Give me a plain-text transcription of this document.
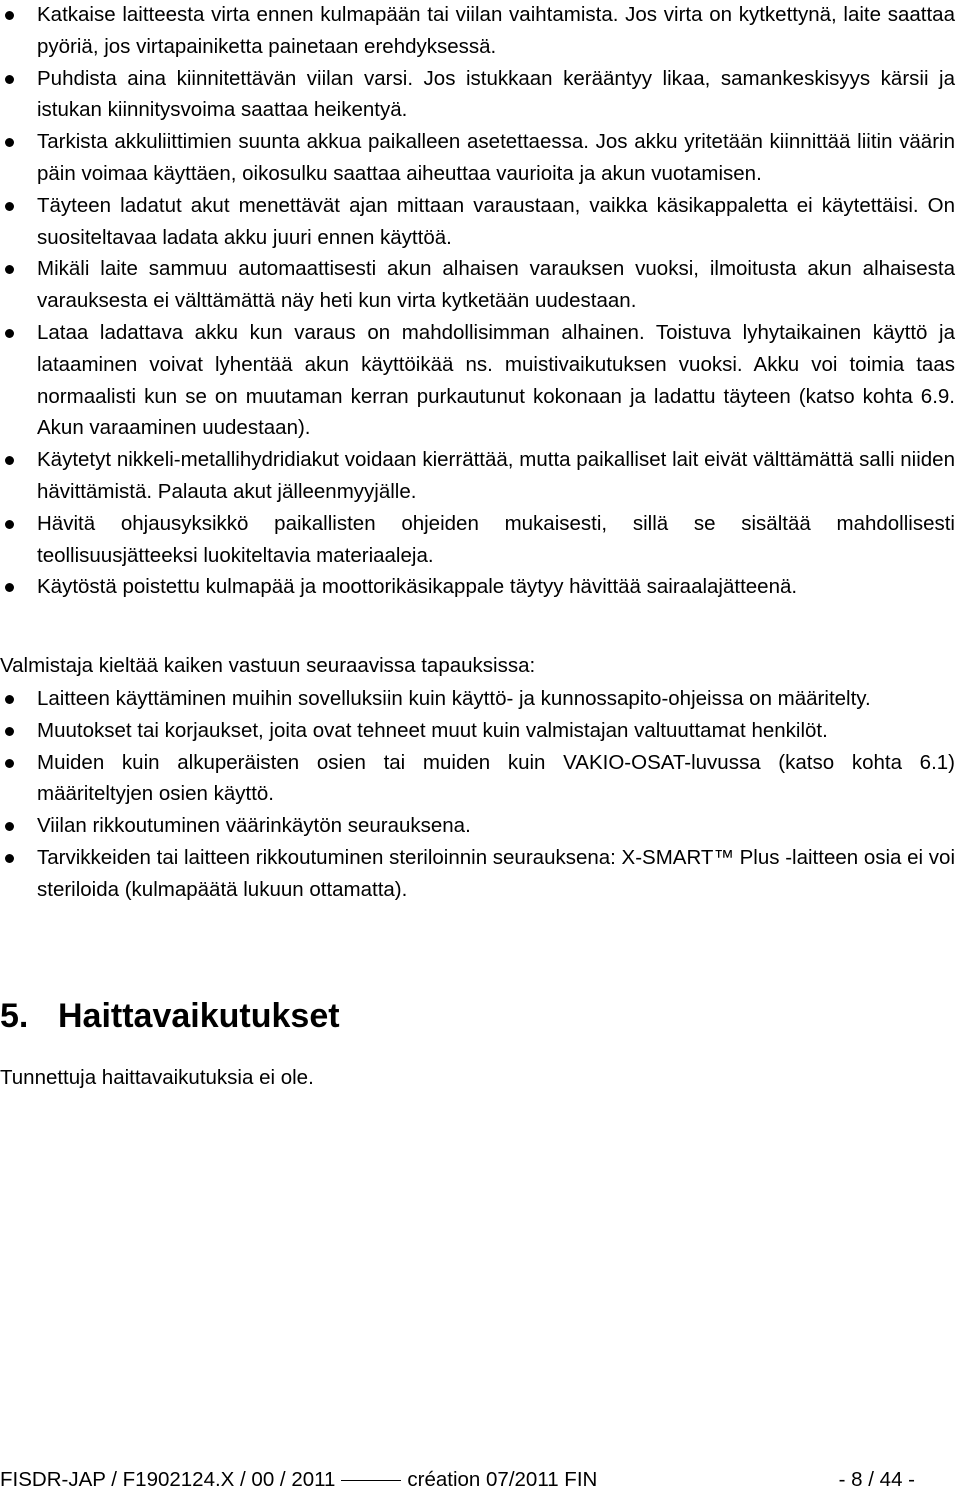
Katkaise laitteesta virta ennen kulmapään tai viilan vaihtamista. Jos virta on kytkettynä, laite saattaa pyöriä, jos virtapainiketta painetaan erehdyksessä.
Puhdista aina kiinnitettävän viilan varsi. Jos istukkaan kerääntyy likaa, samankeskisyys kärsii ja istukan kiinnitysvoima saattaa heikentyä.
Tarkista akkuliittimien suunta akkua paikalleen asetettaessa. Jos akku yritetään kiinnittää liitin väärin päin voimaa käyttäen, oikosulku saattaa aiheuttaa vaurioita ja akun vuotamisen.
Täyteen ladatut akut menettävät ajan mittaan varaustaan, vaikka käsikappaletta ei käytettäisi. On suositeltavaa ladata akku juuri ennen käyttöä.
Mikäli laite sammuu automaattisesti akun alhaisen varauksen vuoksi, ilmoitusta akun alhaisesta varauksesta ei välttämättä näy heti kun virta kytketään uudestaan.
Lataa ladattava akku kun varaus on mahdollisimman alhainen. Toistuva lyhytaikainen käyttö ja lataaminen voivat lyhentää akun käyttöikää ns. muistivaikutuksen vuoksi. Akku voi toimia taas normaalisti kun se on muutaman kerran purkautunut kokonaan ja ladattu täyteen (katso kohta 6.9. Akun varaaminen uudestaan).
Käytetyt nikkeli-metallihydridiakut voidaan kierrättää, mutta paikalliset lait eivät välttämättä salli niiden hävittämistä. Palauta akut jälleenmyyjälle.
Hävitä ohjausyksikkö paikallisten ohjeiden mukaisesti, sillä se sisältää mahdollisesti teollisuusjätteeksi luokiteltavia materiaaleja.
Käytöstä poistettu kulmapää ja moottorikäsikappale täytyy hävittää sairaalajätteenä.

Valmistaja kieltää kaiken vastuun seuraavissa tapauksissa:

Laitteen käyttäminen muihin sovelluksiin kuin käyttö- ja kunnossapito-ohjeissa on määritelty.
Muutokset tai korjaukset, joita ovat tehneet muut kuin valmistajan valtuuttamat henkilöt.
Muiden kuin alkuperäisten osien tai muiden kuin VAKIO-OSAT-luvussa (katso kohta 6.1) määriteltyjen osien käyttö.
Viilan rikkoutuminen väärinkäytön seurauksena.
Tarvikkeiden tai laitteen rikkoutuminen steriloinnin seurauksena: X-SMART™ Plus -laitteen osia ei voi steriloida (kulmapäätä lukuun ottamatta).
5. Haittavaikutukset

Tunnettuja haittavaikutuksia ei ole.

FISDR-JAP / F1902124.X / 00 / 2011	création 07/2011 FIN	- 8 / 44 -
